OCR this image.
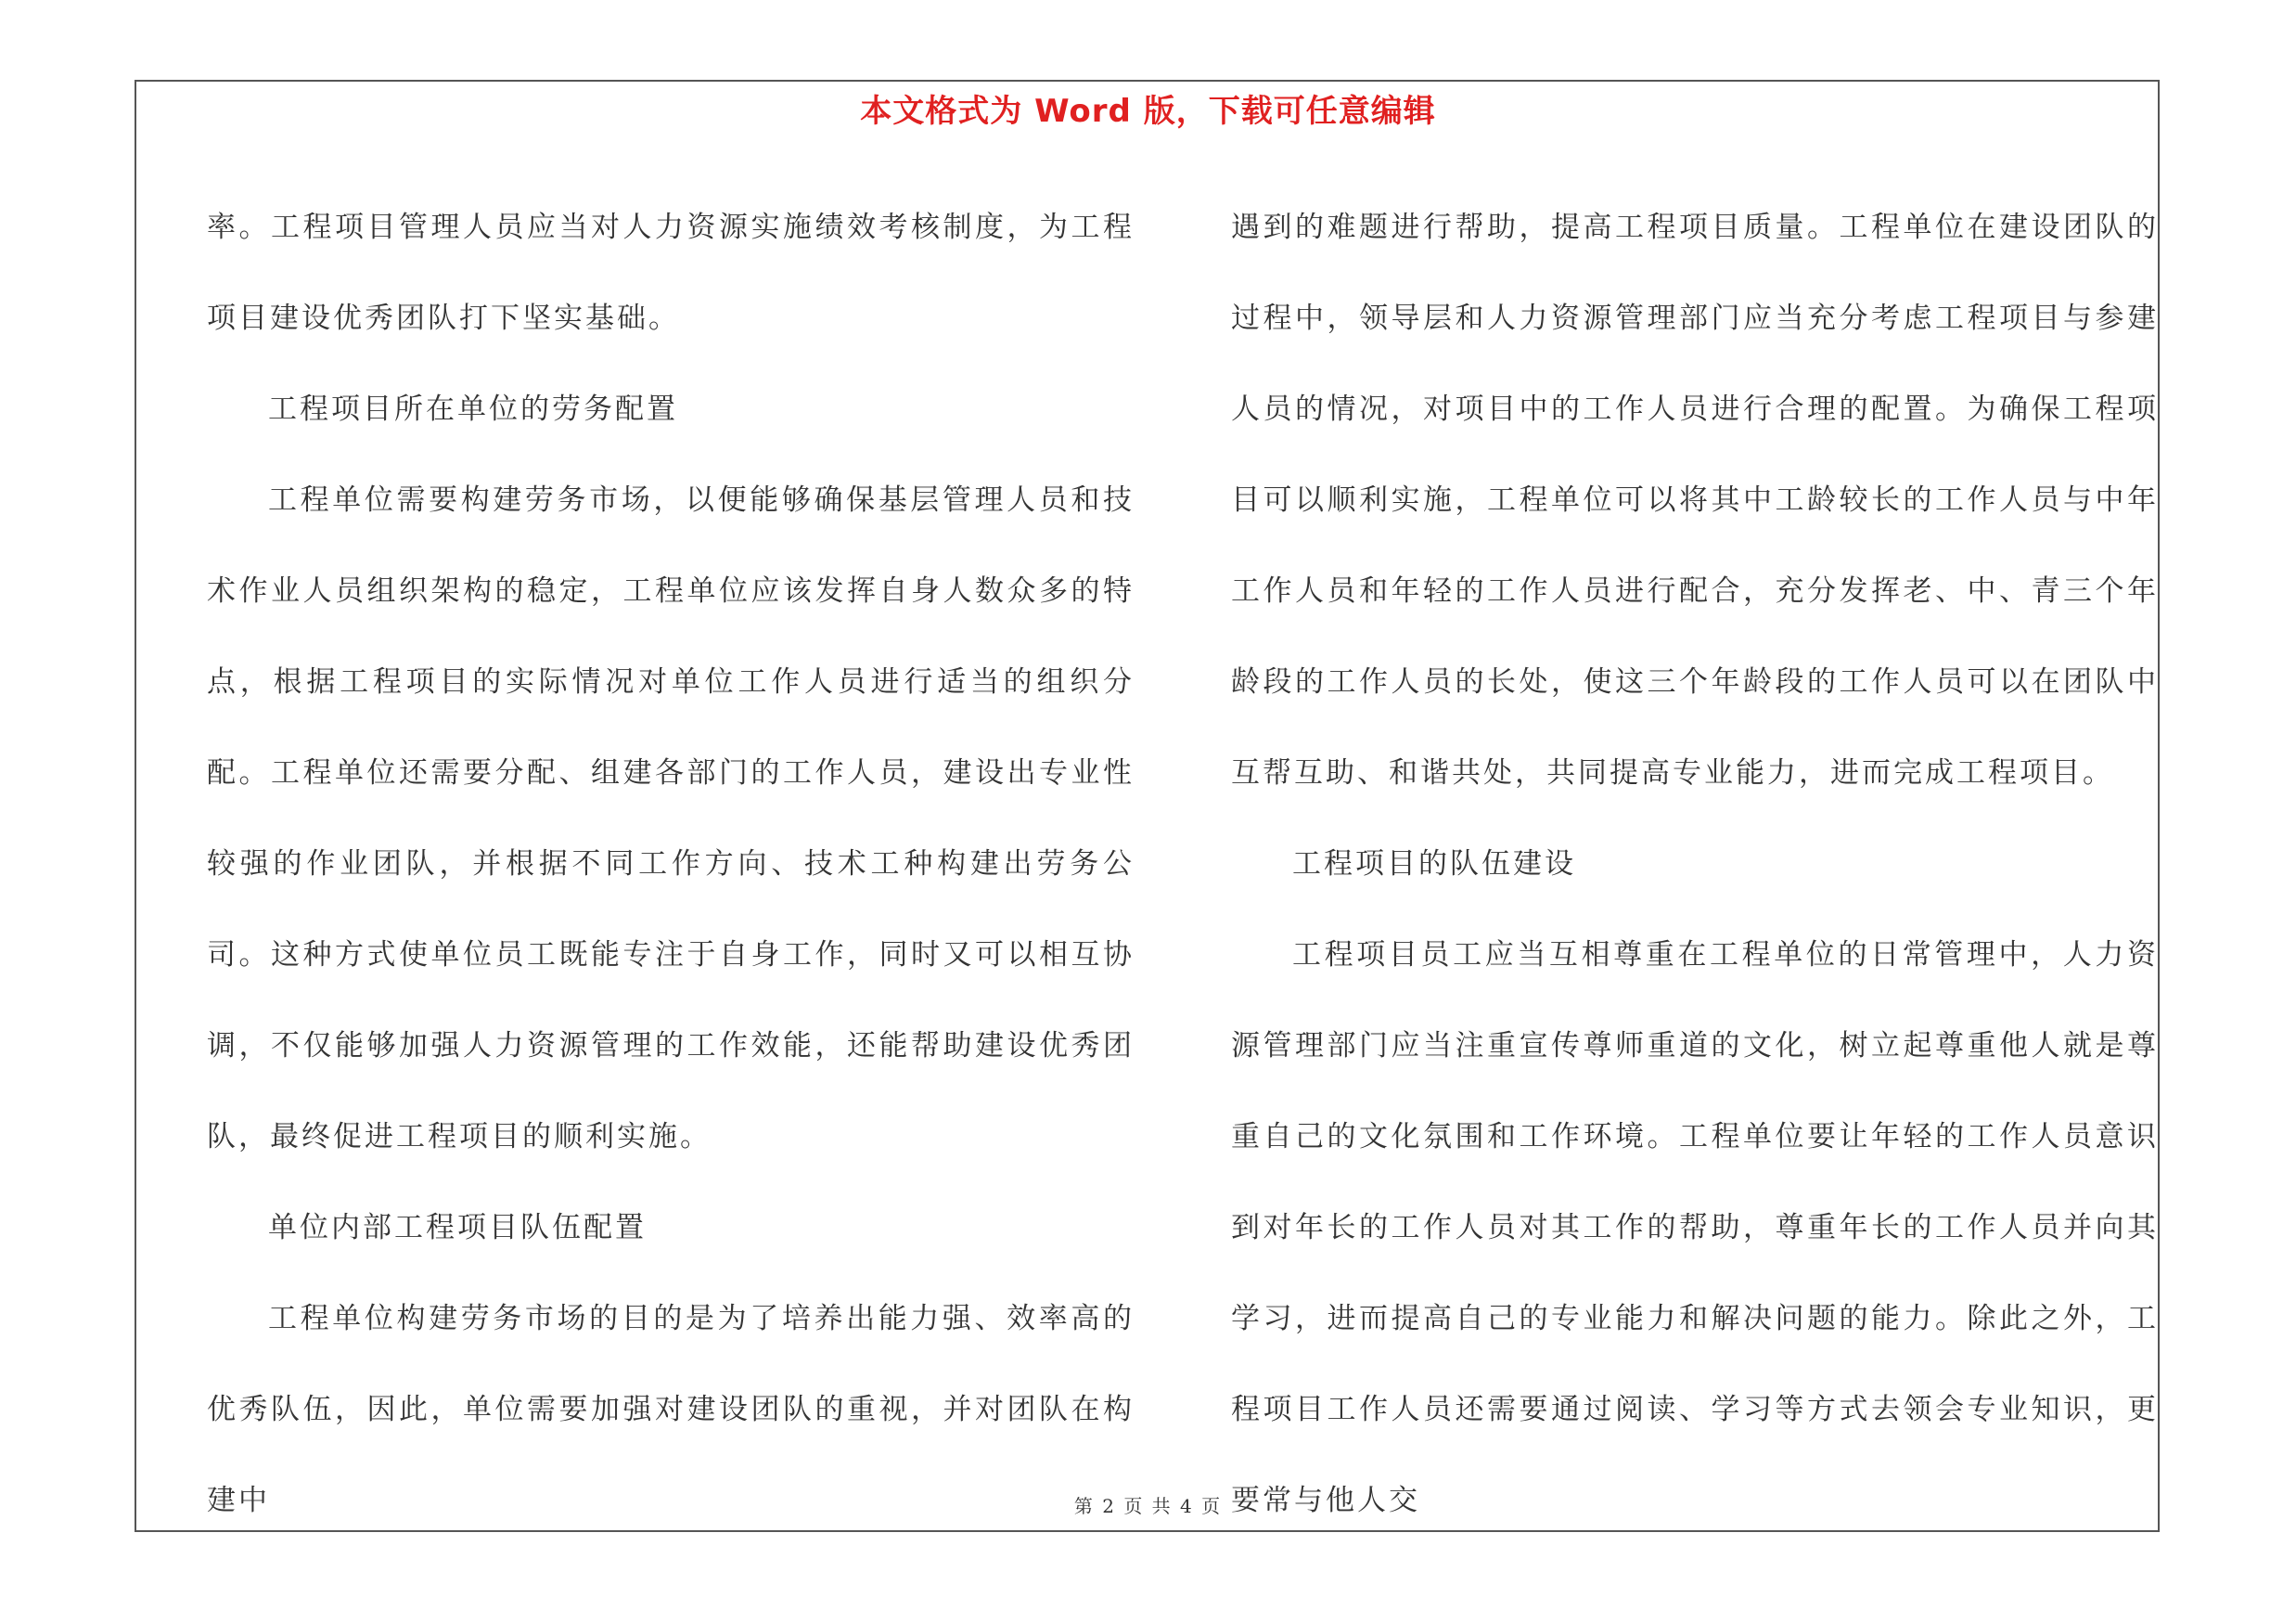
本文格式为 Word 版，下载可任意编辑

率。工程项目管理人员应当对人力资源实施绩效考核制度，为工程项目建设优秀团队打下坚实基础。

工程项目所在单位的劳务配置

工程单位需要构建劳务市场，以便能够确保基层管理人员和技术作业人员组织架构的稳定，工程单位应该发挥自身人数众多的特点，根据工程项目的实际情况对单位工作人员进行适当的组织分配。工程单位还需要分配、组建各部门的工作人员，建设出专业性较强的作业团队，并根据不同工作方向、技术工种构建出劳务公司。这种方式使单位员工既能专注于自身工作，同时又可以相互协调，不仅能够加强人力资源管理的工作效能，还能帮助建设优秀团队，最终促进工程项目的顺利实施。

单位内部工程项目队伍配置

工程单位构建劳务市场的目的是为了培养出能力强、效率高的优秀队伍，因此，单位需要加强对建设团队的重视，并对团队在构建中

遇到的难题进行帮助，提高工程项目质量。工程单位在建设团队的过程中，领导层和人力资源管理部门应当充分考虑工程项目与参建人员的情况，对项目中的工作人员进行合理的配置。为确保工程项目可以顺利实施，工程单位可以将其中工龄较长的工作人员与中年工作人员和年轻的工作人员进行配合，充分发挥老、中、青三个年龄段的工作人员的长处，使这三个年龄段的工作人员可以在团队中互帮互助、和谐共处，共同提高专业能力，进而完成工程项目。

工程项目的队伍建设

工程项目员工应当互相尊重在工程单位的日常管理中，人力资源管理部门应当注重宣传尊师重道的文化，树立起尊重他人就是尊重自己的文化氛围和工作环境。工程单位要让年轻的工作人员意识到对年长的工作人员对其工作的帮助，尊重年长的工作人员并向其学习，进而提高自己的专业能力和解决问题的能力。除此之外，工程项目工作人员还需要通过阅读、学习等方式去领会专业知识，更要常与他人交

第 2 页 共 4 页
